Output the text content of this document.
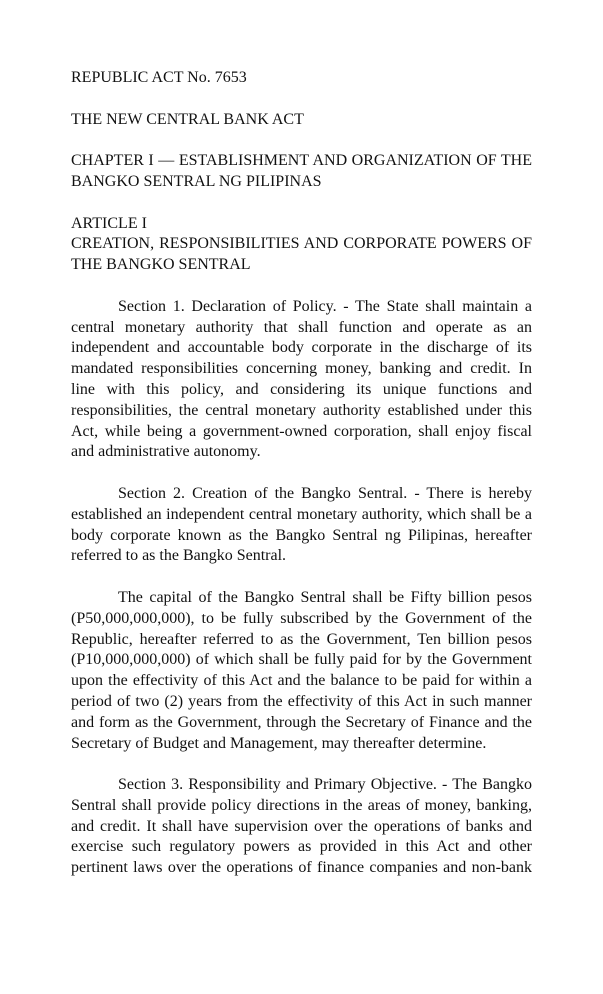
REPUBLIC ACT No. 7653
THE NEW CENTRAL BANK ACT
CHAPTER I — ESTABLISHMENT AND ORGANIZATION OF THE
BANGKO SENTRAL NG PILIPINAS
ARTICLE I
CREATION, RESPONSIBILITIES AND CORPORATE POWERS OF
THE BANGKO SENTRAL

Section 1. Declaration of Policy. - The State shall maintain a central monetary authority that shall function and operate as an independent and accountable body corporate in the discharge of its mandated responsibilities concerning money, banking and credit. In line with this policy, and considering its unique functions and responsibilities, the central monetary authority established under this Act, while being a government-owned corporation, shall enjoy fiscal and administrative autonomy.

Section 2. Creation of the Bangko Sentral. - There is hereby established an independent central monetary authority, which shall be a body corporate known as the Bangko Sentral ng Pilipinas, hereafter referred to as the Bangko Sentral.

The capital of the Bangko Sentral shall be Fifty billion pesos (P50,000,000,000), to be fully subscribed by the Government of the Republic, hereafter referred to as the Government, Ten billion pesos (P10,000,000,000) of which shall be fully paid for by the Government upon the effectivity of this Act and the balance to be paid for within a period of two (2) years from the effectivity of this Act in such manner and form as the Government, through the Secretary of Finance and the Secretary of Budget and Management, may thereafter determine.

Section 3. Responsibility and Primary Objective. - The Bangko Sentral shall provide policy directions in the areas of money, banking, and credit. It shall have supervision over the operations of banks and exercise such regulatory powers as provided in this Act and other pertinent laws over the operations of finance companies and non-bank
